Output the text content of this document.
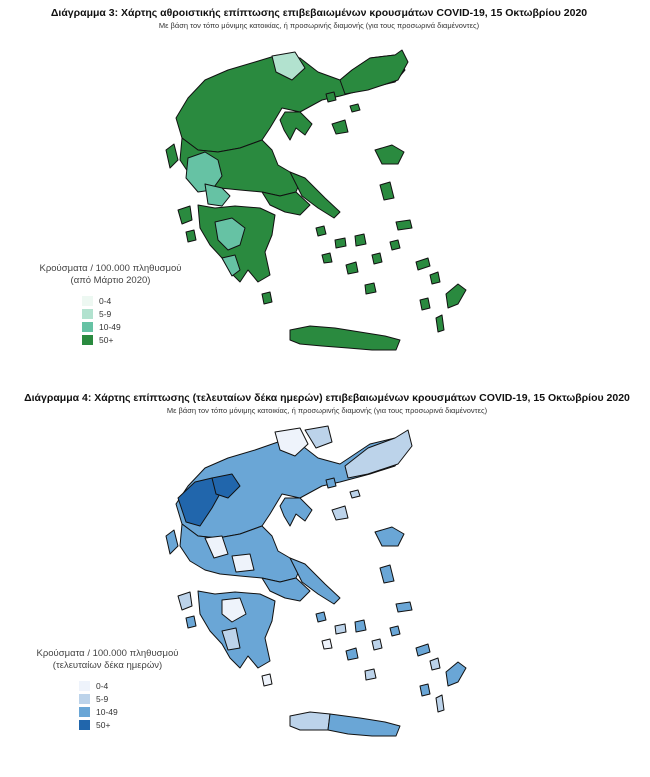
Διάγραμμα 3: Χάρτης αθροιστικής επίπτωσης επιβεβαιωμένων κρουσμάτων COVID-19, 15 Οκτωβρίου 2020
Με βάση τον τόπο μόνιμης κατοικίας, ή προσωρινής διαμονής (για τους προσωρινά διαμένοντες)
Κρούσματα / 100.000 πληθυσμού
(από Μάρτιο 2020)
0-4
5-9
10-49
50+
Διάγραμμα 4: Χάρτης επίπτωσης (τελευταίων δέκα ημερών) επιβεβαιωμένων κρουσμάτων COVID-19, 15 Οκτωβρίου 2020
Με βάση τον τόπο μόνιμης κατοικίας, ή προσωρινής διαμονής (για τους προσωρινά διαμένοντες)
Κρούσματα / 100.000 πληθυσμού
(τελευταίων δέκα ημερών)
0-4
5-9
10-49
50+
